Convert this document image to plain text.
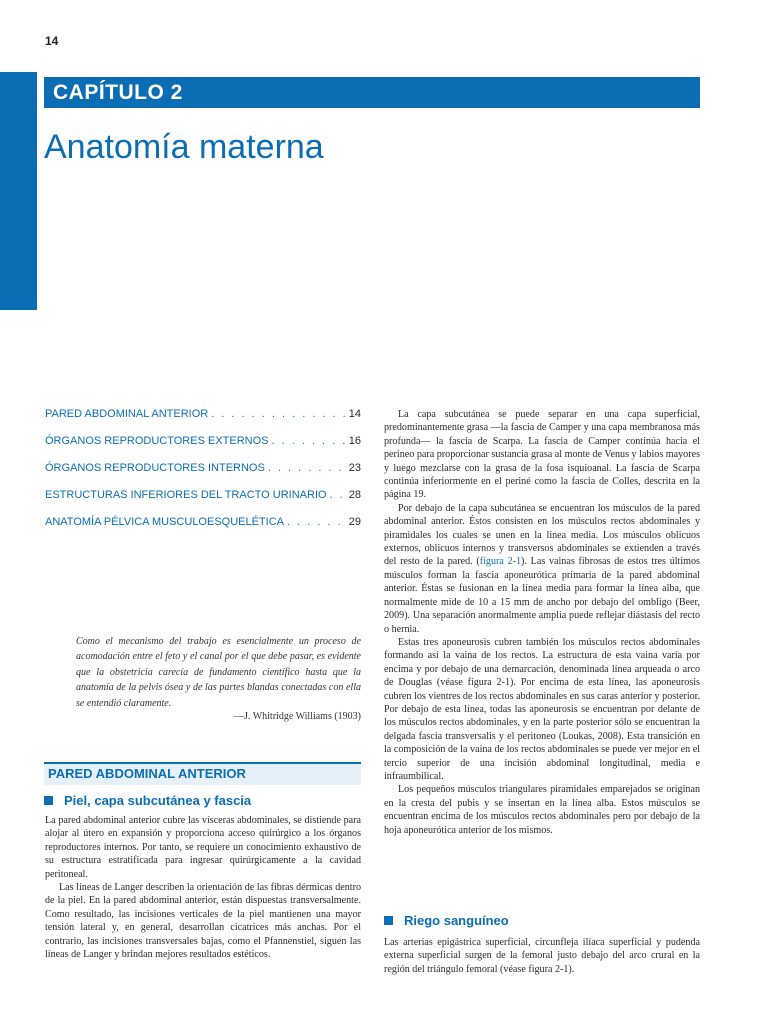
14
CAPÍTULO 2
Anatomía materna
PARED ABDOMINAL ANTERIOR . . .	14
ÓRGANOS REPRODUCTORES EXTERNOS . . .	16
ÓRGANOS REPRODUCTORES INTERNOS . . .	23
ESTRUCTURAS INFERIORES DEL TRACTO URINARIO . . . 28
ANATOMÍA PÉLVICA MUSCULOESQUELÉTICA . . .	29
Como el mecanismo del trabajo es esencialmente un proceso de acomodación entre el feto y el canal por el que debe pasar, es evidente que la obstetricia carecía de fundamento científico hasta que la anatomía de la pelvis ósea y de las partes blandas conectadas con ella se entendió claramente.
—J. Whitridge Williams (1903)
PARED ABDOMINAL ANTERIOR
Piel, capa subcutánea y fascia

La pared abdominal anterior cubre las vísceras abdominales, se distiende para alojar al útero en expansión y proporciona acceso quirúrgico a los órganos reproductores internos. Por tanto, se requiere un conocimiento exhaustivo de su estructura estratificada para ingresar quirúrgicamente a la cavidad peritoneal.

Las líneas de Langer describen la orientación de las fibras dérmicas dentro de la piel. En la pared abdominal anterior, están dispuestas transversalmente. Como resultado, las incisiones verticales de la piel mantienen una mayor tensión lateral y, en general, desarrollan cicatrices más anchas. Por el contrario, las incisiones transversales bajas, como el Pfannenstiel, siguen las líneas de Langer y brindan mejores resultados estéticos.

La capa subcutánea se puede separar en una capa superficial, predominantemente grasa —la fascia de Camper y una capa membranosa más profunda— la fascia de Scarpa. La fascia de Camper continúa hacia el perineo para proporcionar sustancia grasa al monte de Venus y labios mayores y luego mezclarse con la grasa de la fosa isquioanal. La fascia de Scarpa continúa inferiormente en el periné como la fascia de Colles, descrita en la página 19.

Por debajo de la capa subcutánea se encuentran los músculos de la pared abdominal anterior. Éstos consisten en los músculos rectos abdominales y piramidales los cuales se unen en la línea media. Los músculos oblicuos externos, oblicuos internos y transversos abdominales se extienden a través del resto de la pared. (figura 2-1). Las vainas fibrosas de estos tres últimos músculos forman la fascia aponeurótica primaria de la pared abdominal anterior. Éstas se fusionan en la línea media para formar la línea alba, que normalmente mide de 10 a 15 mm de ancho por debajo del ombligo (Beer, 2009). Una separación anormalmente amplia puede reflejar diástasis del recto o hernia.

Estas tres aponeurosis cubren también los músculos rectos abdominales formando así la vaina de los rectos. La estructura de esta vaina varía por encima y por debajo de una demarcación, denominada línea arqueada o arco de Douglas (véase figura 2-1). Por encima de esta línea, las aponeurosis cubren los vientres de los rectos abdominales en sus caras anterior y posterior. Por debajo de esta línea, todas las aponeurosis se encuentran por delante de los músculos rectos abdominales, y en la parte posterior sólo se encuentran la delgada fascia transversalis y el peritoneo (Loukas, 2008). Esta transición en la composición de la vaina de los rectos abdominales se puede ver mejor en el tercio superior de una incisión abdominal longitudinal, media e infraumbilical.

Los pequeños músculos triangulares piramidales emparejados se originan en la cresta del pubis y se insertan en la línea alba. Estos músculos se encuentran encima de los músculos rectos abdominales pero por debajo de la hoja aponeurótica anterior de los mismos.

Riego sanguíneo

Las arterias epigástrica superficial, circunfleja ilíaca superficial y pudenda externa superficial surgen de la femoral justo debajo del arco crural en la región del triángulo femoral (véase figura 2-1).
